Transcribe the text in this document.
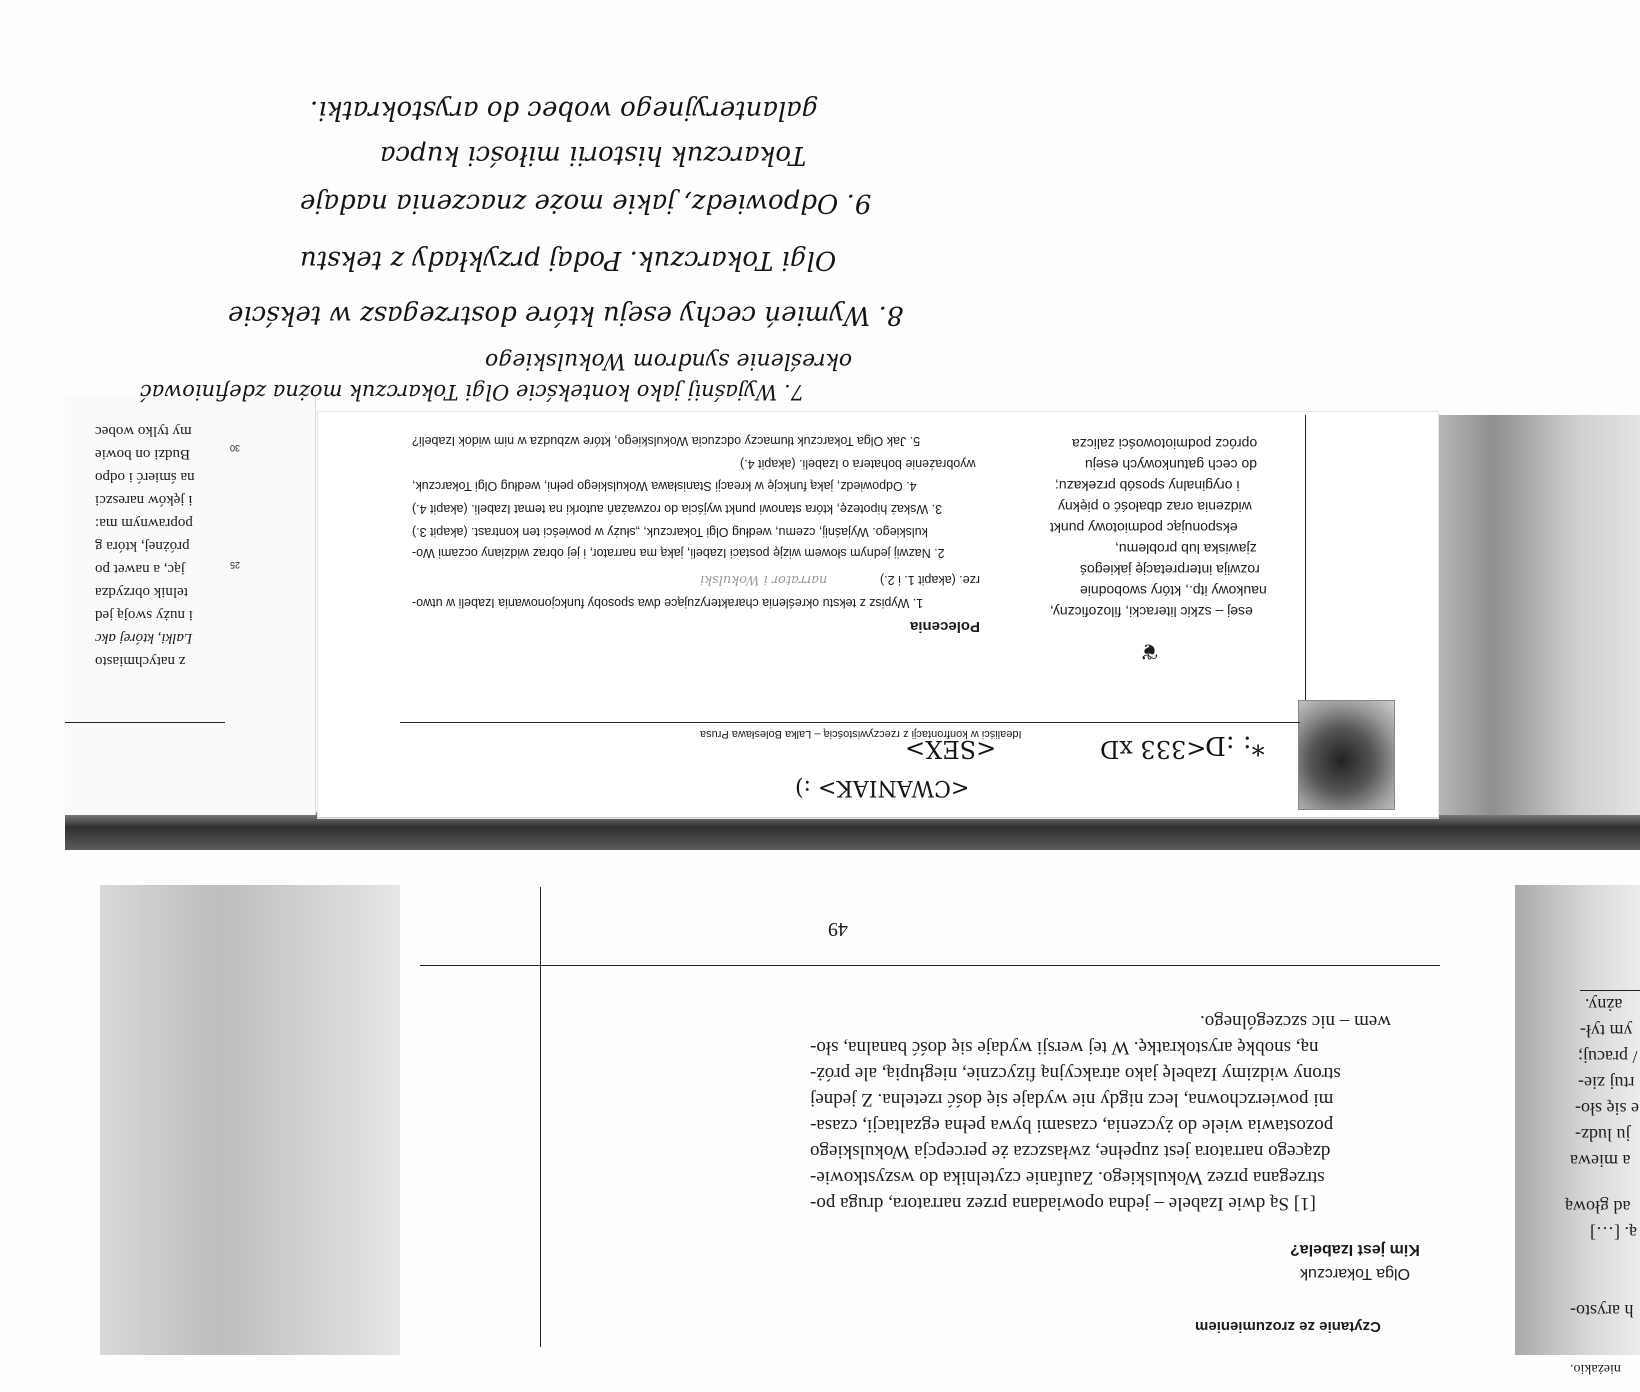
Idealiści w konfrontacji z rzeczywistością – Lalka Bolesława Prusa
Polecenia
1. Wypisz z tekstu określenia charakteryzujące dwa sposoby funkcjonowania Izabeli w utwo-
rze. (akapit 1. i 2.)
2. Nazwij jednym słowem wizję postaci Izabeli, jaką ma narrator, i jej obraz widziany oczami Wo-
kulskiego. Wyjaśnij, czemu, według Olgi Tokarczuk, „służy w powieści ten kontrast. (akapit 3.)
3. Wskaż hipotezę, która stanowi punkt wyjścia do rozważań autorki na temat Izabeli. (akapit 4.)
4. Odpowiedz, jaką funkcję w kreacji Stanisława Wokulskiego pełni, według Olgi Tokarczuk,
wyobrażenie bohatera o Izabeli. (akapit 4.)
5. Jak Olga Tokarczuk tłumaczy odczucia Wokulskiego, które wzbudza w nim widok Izabeli?
narrator i Wokulski
esej – szkic literacki, filozoficzny,
naukowy itp., który swobodnie
rozwija interpretację jakiegoś
zjawiska lub problemu,
eksponując podmiotowy punkt
widzenia oraz dbałość o piękny
i oryginalny sposób przekazu;
do cech gatunkowych eseju
oprócz podmiotowości zalicza
❦
z natychmiasto
Lalki, której akc
i nuży swoją jed
telnik obrzydza
jąc, a nawet po
próżnej, która g
poprawnym ma:
i jęków nareszci
na śmierć i odpo
Budzi on bowie
my tylko wobec
25
30
7. Wyjaśnij jako kontekście Olgi Tokarczuk można zdefiniować
określenie syndrom Wokulskiego
8. Wymień cechy eseju które dostrzegasz w tekście
Olgi Tokarczuk. Podaj przykłady z tekstu
9. Odpowiedz, jakie może znaczenia nadaje
Tokarczuk historii miłości kupca
galanteryjnego wobec do arystokratki.
<CWANIAK> :)
<SEX>	<333 xD
*: :D
49
Czytanie ze zrozumieniem
Olga Tokarczuk
Kim jest Izabela?
[1] Są dwie Izabele – jedna opowiadana przez narratora, druga po-
strzegana przez Wokulskiego. Zaufanie czytelnika do wszystkowie-
dzącego narratora jest zupełne, zwłaszcza że percepcja Wokulskiego
pozostawia wiele do życzenia, czasami bywa pełna egzaltacji, czasa-
mi powierzchowna, lecz nigdy nie wydaje się dość rzetelna. Z jednej
strony widzimy Izabelę jako atrakcyjną fizycznie, niegłupią, ale próż-
ną, snobkę arystokratkę. W tej wersji wydaje się dość banalna, sło-
wem – nic szczególnego.
h arysto-
ą. […]
ad głową
a miewa
ju ludz-
e się sło-
rtuj zie-
/ pracuj;
ym tył-
ażny.
nieżakio.
